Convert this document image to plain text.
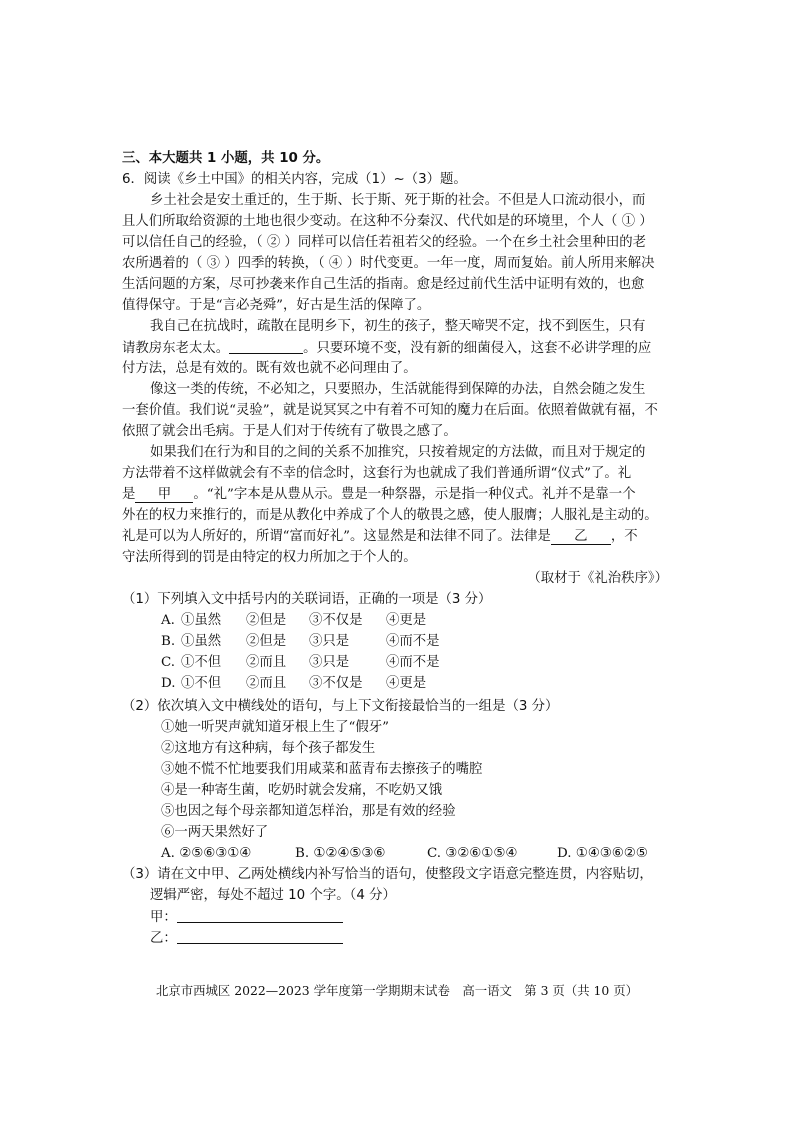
三、本大题共 1 小题，共 10 分。
6．阅读《乡土中国》的相关内容，完成（1）~（3）题。
乡土社会是安土重迁的，生于斯、长于斯、死于斯的社会。不但是人口流动很小，而
且人们所取给资源的土地也很少变动。在这种不分秦汉、代代如是的环境里，个人（ ① ）
可以信任自己的经验，（ ② ）同样可以信任若祖若父的经验。一个在乡土社会里种田的老
农所遇着的（ ③ ）四季的转换，（ ④ ）时代变更。一年一度，周而复始。前人所用来解决
生活问题的方案，尽可抄袭来作自己生活的指南。愈是经过前代生活中证明有效的，也愈
值得保守。于是“言必尧舜”，好古是生活的保障了。
我自己在抗战时，疏散在昆明乡下，初生的孩子，整天啼哭不定，找不到医生，只有
请教房东老太太。	。只要环境不变，没有新的细菌侵入，这套不必讲学理的应
付方法，总是有效的。既有效也就不必问理由了。
像这一类的传统，不必知之，只要照办，生活就能得到保障的办法，自然会随之发生
一套价值。我们说“灵验”，就是说冥冥之中有着不可知的魔力在后面。依照着做就有福，不
依照了就会出毛病。于是人们对于传统有了敬畏之感了。
如果我们在行为和目的之间的关系不加推究，只按着规定的方法做，而且对于规定的
方法带着不这样做就会有不幸的信念时，这套行为也就成了我们普通所谓“仪式”了。礼
是 甲 。“礼”字本是从豊从示。豊是一种祭器，示是指一种仪式。礼并不是靠一个
外在的权力来推行的，而是从教化中养成了个人的敬畏之感，使人服膺；人服礼是主动的。
礼是可以为人所好的，所谓“富而好礼”。这显然是和法律不同了。法律是 乙 ，不
守法所得到的罚是由特定的权力所加之于个人的。
（取材于《礼治秩序》）
（1）下列填入文中括号内的关联词语，正确的一项是（3 分）
A. ①虽然 ②但是 ③不仅是 ④更是
B. ①虽然 ②但是 ③只是	④而不是
C. ①不但 ②而且 ③只是	④而不是
D. ①不但 ②而且 ③不仅是 ④更是
（2）依次填入文中横线处的语句，与上下文衔接最恰当的一组是（3 分）
①她一听哭声就知道牙根上生了“假牙”
②这地方有这种病，每个孩子都发生
③她不慌不忙地要我们用咸菜和蓝青布去擦孩子的嘴腔
④是一种寄生菌，吃奶时就会发痛，不吃奶又饿
⑤也因之每个母亲都知道怎样治，那是有效的经验
⑥一两天果然好了
A. ②⑤⑥③①④	B. ①②④⑤③⑥	C. ③②⑥①⑤④	D. ①④③⑥②⑤
（3）请在文中甲、乙两处横线内补写恰当的语句，使整段文字语意完整连贯，内容贴切，
逻辑严密，每处不超过 10 个字。（4 分）
甲：
乙：
北京市西城区 2022—2023 学年度第一学期期末试卷　高一语文　第 3 页（共 10 页）
